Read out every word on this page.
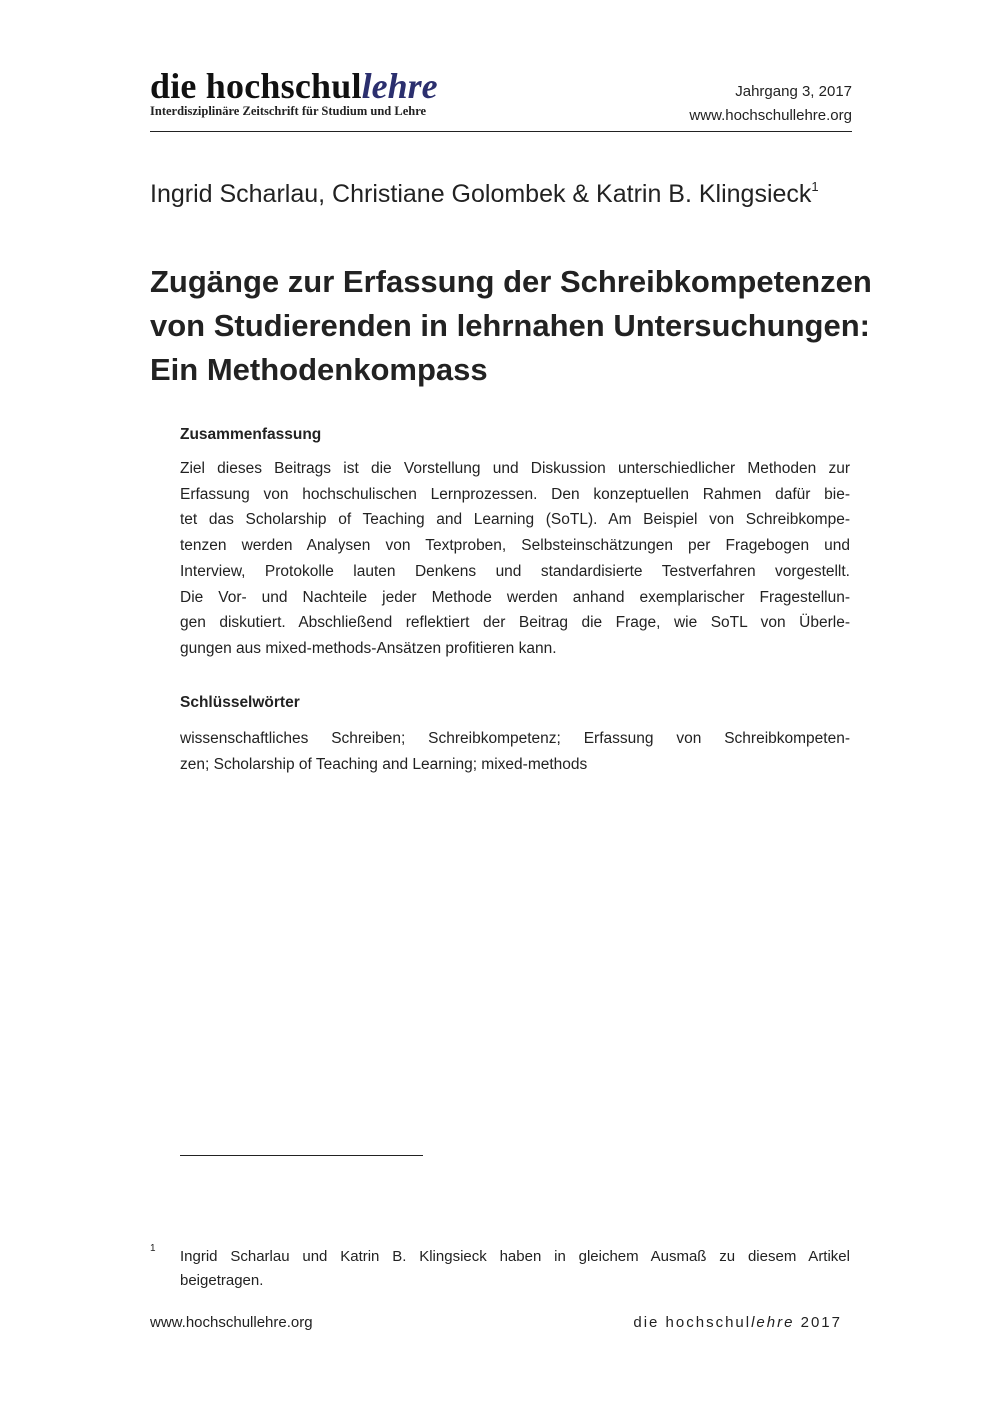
die hochschullehre
Interdisziplinäre Zeitschrift für Studium und Lehre
Jahrgang 3, 2017
www.hochschullehre.org
Ingrid Scharlau, Christiane Golombek & Katrin B. Klingsieck$^1$
Zugänge zur Erfassung der Schreibkompetenzen
von Studierenden in lehrnahen Untersuchungen:
Ein Methodenkompass
Zusammenfassung
Ziel dieses Beitrags ist die Vorstellung und Diskussion unterschiedlicher Methoden zur
Erfassung von hochschulischen Lernprozessen. Den konzeptuellen Rahmen dafür bie-
tet das Scholarship of Teaching and Learning (SoTL). Am Beispiel von Schreibkompe-
tenzen werden Analysen von Textproben, Selbsteinschätzungen per Fragebogen und
Interview, Protokolle lauten Denkens und standardisierte Testverfahren vorgestellt.
Die Vor- und Nachteile jeder Methode werden anhand exemplarischer Fragestellun-
gen diskutiert. Abschließend reflektiert der Beitrag die Frage, wie SoTL von Überle-
gungen aus mixed-methods-Ansätzen profitieren kann.
Schlüsselwörter
wissenschaftliches Schreiben; Schreibkompetenz; Erfassung von Schreibkompeten-
zen; Scholarship of Teaching and Learning; mixed-methods
1 Ingrid Scharlau und Katrin B. Klingsieck haben in gleichem Ausmaß zu diesem Artikel
beigetragen.
www.hochschullehre.org	die hochschullehre 2017
